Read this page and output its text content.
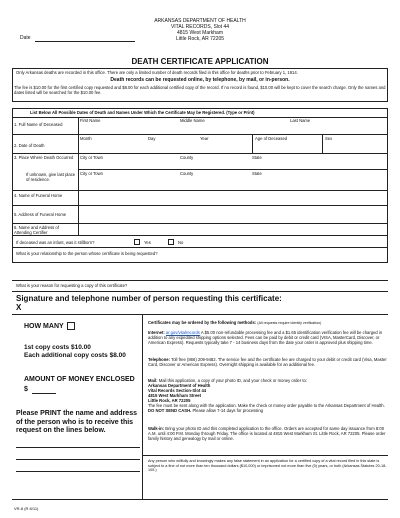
ARKANSAS DEPARTMENT OF HEALTH
VITAL RECORDS, Slot 44
4815 West Markham
Little Rock, AR 72205
Date
DEATH CERTIFICATE APPLICATION
Only Arkansas deaths are recorded in this office. There are only a limited number of death records filed in this office for deaths prior to February 1, 1914.
Death records can be requested online, by telephone, by mail, or in-person.
The fee is $10.00 for the first certified copy requested and $8.00 for each additional certified copy of the record. If no record is found, $10.00 will be kept to cover the search charge. Only the names and dates listed will be searched for the $10.00 fee.
List Below All Possible Dates of Death and Names Under Which the Certificate May be Registered. (Type or Print)
First Name	Middle Name	Last Name
1. Full Name of Deceased
Month	Day	Year	Age of Deceased	Sex
2. Date of Death
3. Place Where Death Occurred	City or Town	County	State
City or Town	County	State
If unknown, give last place of residence.
4. Name of Funeral Home
5. Address of Funeral Home
6. Name and Address of Attending Certifier
If deceased was an infant, was it stillborn?	Yes	No
What is your relationship to the person whose certificate is being requested?
What is your reason for requesting a copy of this certificate?
Signature and telephone number of person requesting this certificate:
X
HOW MANY
1st copy costs $10.00
Each additional copy costs $8.00
AMOUNT OF MONEY ENCLOSED
$
Please PRINT the name and address of the person who is to receive this request on the lines below.
Certificates may be ordered by the following methods: (All requests require identity verification)
Internet: ar.gov/vitalrecords A $5.00 non-refundable processing fee and a $1.65 identification verification fee will be charged in addition to any expedited shipping options selected. Fees can be paid by debit or credit card (VISA, MasterCard, Discover, or American Express). Requests typically take 7 - 14 business days from the date your order is approved plus shipping time.
Telephone: Toll free (866) 209-9482. The service fee and the certificate fee are charged to your debit or credit card (Visa, Master Card, Discover or American Express). Overnight shipping is available for an additional fee.
Mail: Mail this application, a copy of your photo ID, and your check or money order to:
Arkansas Department of Health
Vital Records Section-Slot 44
4815 West Markham Street
Little Rock, AR 72205
The fee must be sent along with the application. Make the check or money order payable to the Arkansas Department of Health. DO NOT SEND CASH. Please allow 7-14 days for processing
Walk-in: Bring your photo ID and this completed application to the office. Orders are accepted for same day issuance from 8:00 A.M. until 4:00 P.M. Monday through Friday. The office is located at 4815 West Markham St. Little Rock, AR 72205. Please order family history and genealogy by mail or online.
Any person who willfully and knowingly makes any false statement in an application for a certified copy of a vital record filed in this state is subject to a fine of not more than ten thousand dollars ($10,000) or imprisoned not more than five (5) years, or both (Arkansas Statutes 20-18-105.)
VR-8 (R 8/11)
